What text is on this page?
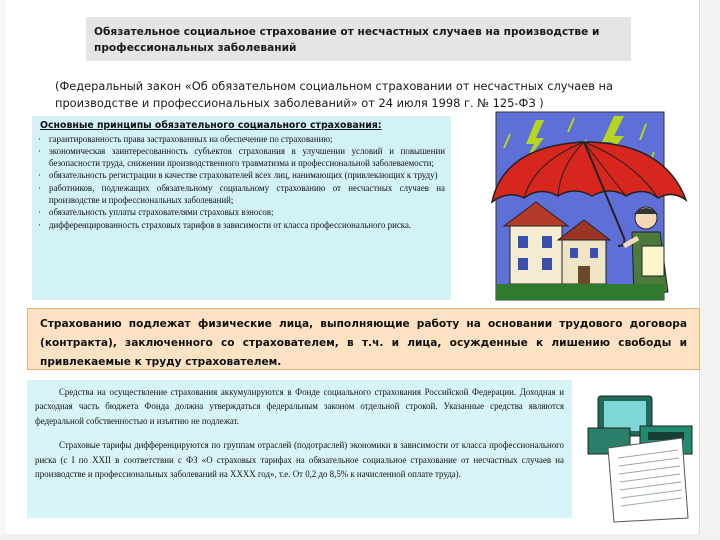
Обязательное социальное страхование от несчастных случаев на производстве и профессиональных заболеваний
(Федеральный закон «Об обязательном социальном страховании от несчастных случаев на производстве и профессиональных заболеваний» от 24 июля 1998 г. № 125-ФЗ )
Основные принципы обязательного социального страхования:
· гарантированность права застрахованных на обеспечение по страхованию;
· экономическая заинтересованность субъектов страхования в улучшении условий и повышении безопасности труда, снижении производственного травматизма и профессиональной заболеваемости;
· обязательность регистрации в качестве страхователей всех лиц, нанимающих (привлекающих к труду)
· работников, подлежащих обязательному социальному страхованию от несчастных случаев на производстве и профессиональных заболеваний;
· обязательность уплаты страхователями страховых взносов;
· дифференцированность страховых тарифов в зависимости от класса профессионального риска.
Страхованию подлежат физические лица, выполняющие работу на основании трудового договора (контракта), заключенного со страхователем, в т.ч. и лица, осужденные к лишению свободы и привлекаемые к труду страхователем.

Средства на осуществление страхования аккумулируются в Фонде социального страхования Российской Федерации. Доходная и расходная часть бюджета Фонда должна утверждаться федеральным законом отдельной строкой. Указанные средства являются федеральной собственностью и изъятию не подлежат.

Страховые тарифы дифференцируются по группам отраслей (подотраслей) экономики в зависимости от класса профессионального риска (с I по XXII в соответствии с ФЗ «О страховых тарифах на обязательное социальное страхование от несчастных случаев на производстве и профессиональных заболеваний на XXXX год», т.е. От 0,2 до 8,5% к начисленной оплате труда).
